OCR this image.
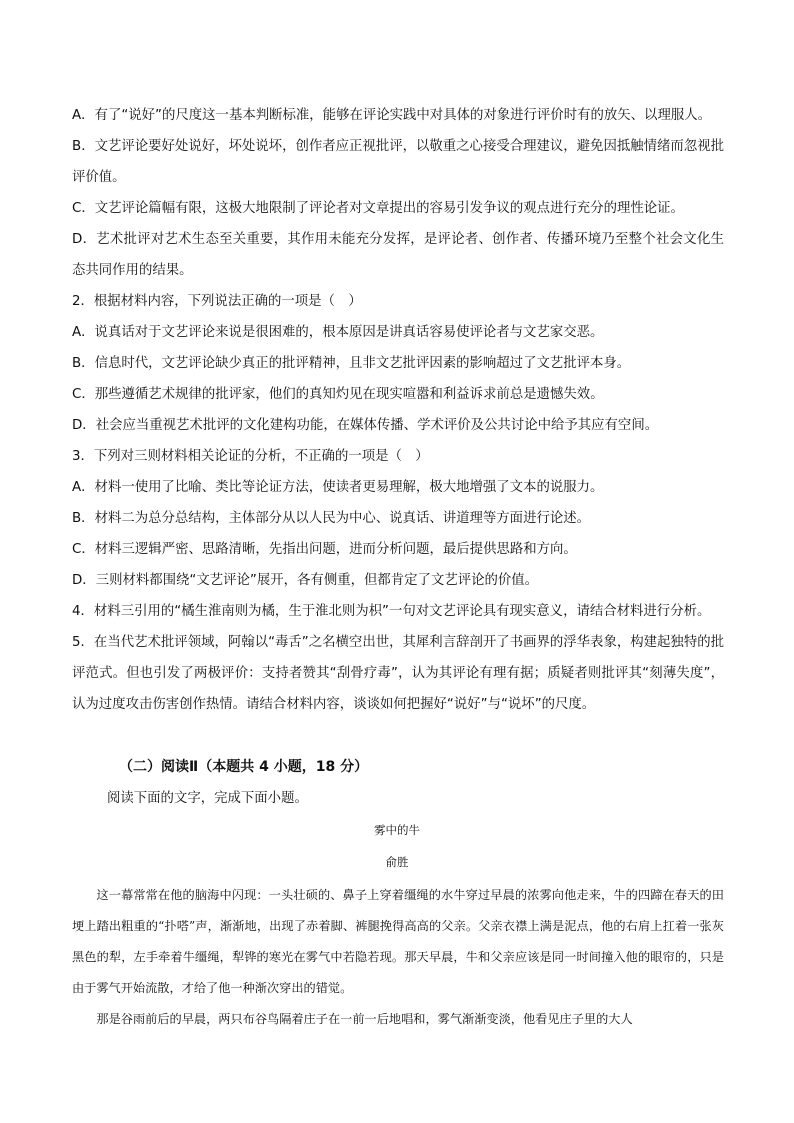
A．有了“说好”的尺度这一基本判断标准，能够在评论实践中对具体的对象进行评价时有的放矢、以理服人。

B．文艺评论要好处说好，坏处说坏，创作者应正视批评，以敬重之心接受合理建议，避免因抵触情绪而忽视批评价值。

C．文艺评论篇幅有限，这极大地限制了评论者对文章提出的容易引发争议的观点进行充分的理性论证。

D．艺术批评对艺术生态至关重要，其作用未能充分发挥，是评论者、创作者、传播环境乃至整个社会文化生态共同作用的结果。

2．根据材料内容，下列说法正确的一项是（　）

A．说真话对于文艺评论来说是很困难的，根本原因是讲真话容易使评论者与文艺家交恶。

B．信息时代，文艺评论缺少真正的批评精神，且非文艺批评因素的影响超过了文艺批评本身。

C．那些遵循艺术规律的批评家，他们的真知灼见在现实喧嚣和利益诉求前总是遗憾失效。

D．社会应当重视艺术批评的文化建构功能，在媒体传播、学术评价及公共讨论中给予其应有空间。

3．下列对三则材料相关论证的分析，不正确的一项是（　）

A．材料一使用了比喻、类比等论证方法，使读者更易理解，极大地增强了文本的说服力。

B．材料二为总分总结构，主体部分从以人民为中心、说真话、讲道理等方面进行论述。

C．材料三逻辑严密、思路清晰，先指出问题，进而分析问题，最后提供思路和方向。

D．三则材料都围绕“文艺评论”展开，各有侧重，但都肯定了文艺评论的价值。

4．材料三引用的“橘生淮南则为橘，生于淮北则为枳”一句对文艺评论具有现实意义，请结合材料进行分析。

5．在当代艺术批评领域，阿翰以“毒舌”之名横空出世，其犀利言辞剖开了书画界的浮华表象，构建起独特的批评范式。但也引发了两极评价：支持者赞其“刮骨疗毒”，认为其评论有理有据；质疑者则批评其“刻薄失度”，认为过度攻击伤害创作热情。请结合材料内容，谈谈如何把握好“说好”与“说坏”的尺度。

（二）阅读Ⅱ（本题共 4 小题，18 分）
阅读下面的文字，完成下面小题。
雾中的牛
俞胜

这一幕常常在他的脑海中闪现：一头壮硕的、鼻子上穿着缰绳的水牛穿过早晨的浓雾向他走来，牛的四蹄在春天的田埂上踏出粗重的“扑嗒”声，渐渐地，出现了赤着脚、裤腿挽得高高的父亲。父亲衣襟上满是泥点，他的右肩上扛着一张灰黑色的犁，左手牵着牛缰绳，犁铧的寒光在雾气中若隐若现。那天早晨，牛和父亲应该是同一时间撞入他的眼帘的，只是由于雾气开始流散，才给了他一种渐次穿出的错觉。

那是谷雨前后的早晨，两只布谷鸟隔着庄子在一前一后地唱和，雾气渐渐变淡，他看见庄子里的大人
